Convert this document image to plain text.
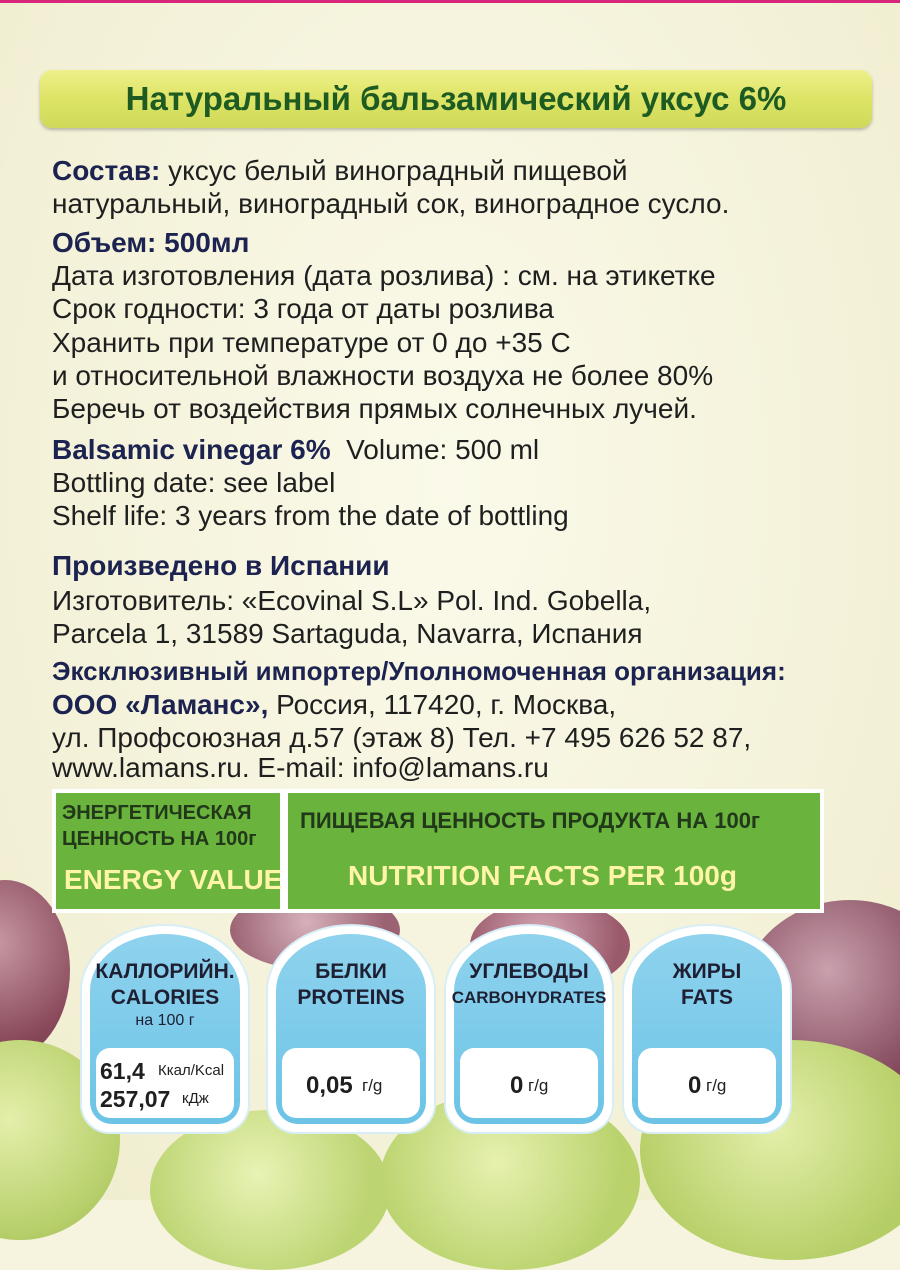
Натуральный бальзамический уксус 6%
Состав: уксус белый виноградный пищевой
натуральный, виноградный сок, виноградное сусло.
Объем: 500мл
Дата изготовления (дата розлива) : см. на этикетке
Срок годности: 3 года от даты розлива
Хранить при температуре от 0 до +35 С
и относительной влажности воздуха не более 80%
Беречь от воздействия прямых солнечных лучей.
Balsamic vinegar 6% Volume: 500 ml
Bottling date: see label
Shelf life: 3 years from the date of bottling
Произведено в Испании
Изготовитель: «Ecovinal S.L» Pol. Ind. Gobella,
Parcela 1, 31589 Sartaguda, Navarra, Испания
Эксклюзивный импортер/Уполномоченная организация:
ООО «Ламанс», Россия, 117420, г. Москва,
ул. Профсоюзная д.57 (этаж 8) Тел. +7 495 626 52 87,
www.lamans.ru. E-mail: info@lamans.ru
ЭНЕРГЕТИЧЕСКАЯ
ЦЕННОСТЬ НА 100г
ENERGY VALUE
ПИЩЕВАЯ ЦЕННОСТЬ ПРОДУКТА НА 100г
NUTRITION FACTS PER 100g
КАЛЛОРИЙН.
CALORIES
на 100 г
61,4 Ккал/Kcal
257,07 кДж
БЕЛКИ
PROTEINS
0,05 г/g
УГЛЕВОДЫ
CARBOHYDRATES
0 г/g
ЖИРЫ
FATS
0 г/g
